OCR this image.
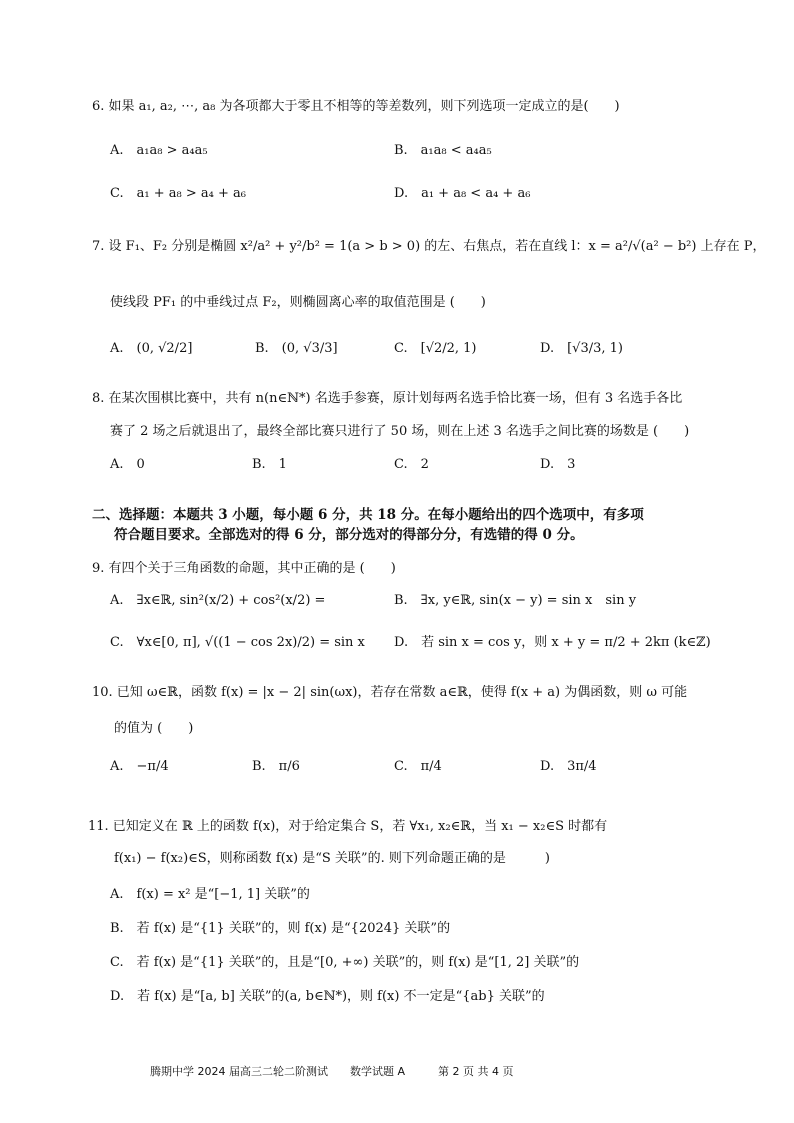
6. 如果 a₁, a₂, ⋯, a₈ 为各项都大于零且不相等的等差数列，则下列选项一定成立的是(　　)
A.　a₁a₈ > a₄a₅	B.　a₁a₈ < a₄a₅
C.　a₁ + a₈ > a₄ + a₆	D.　a₁ + a₈ < a₄ + a₆
7. 设 F₁、F₂ 分别是椭圆 x²/a² + y²/b² = 1(a > b > 0) 的左、右焦点，若在直线 l：x = a²/√(a² − b²) 上存在 P，
使线段 PF₁ 的中垂线过点 F₂，则椭圆离心率的取值范围是 (　　)
A.　(0, √2/2]	B.　(0, √3/3]	C.　[√2/2, 1)	D.　[√3/3, 1)
8. 在某次围棋比赛中，共有 n(n∈ℕ*) 名选手参赛，原计划每两名选手恰比赛一场，但有 3 名选手各比
赛了 2 场之后就退出了，最终全部比赛只进行了 50 场，则在上述 3 名选手之间比赛的场数是 (　　)
A.　0	B.　1	C.　2	D.　3
二、选择题：本题共 3 小题，每小题 6 分，共 18 分。在每小题给出的四个选项中，有多项
符合题目要求。全部选对的得 6 分，部分选对的得部分分，有选错的得 0 分。
9. 有四个关于三角函数的命题，其中正确的是 (　　)
A.　∃x∈ℝ, sin²(x/2) + cos²(x/2) =	B.　∃x, y∈ℝ, sin(x − y) = sin x　sin y
C.　∀x∈[0, π], √((1 − cos 2x)/2) = sin x D.　若 sin x = cos y，则 x + y = π/2 + 2kπ (k∈ℤ)
10. 已知 ω∈ℝ，函数 f(x) = |x − 2| sin(ωx)，若存在常数 a∈ℝ，使得 f(x + a) 为偶函数，则 ω 可能
的值为 (　　)
A.　−π/4	B.　π/6	C.　π/4	D.　3π/4
11. 已知定义在 ℝ 上的函数 f(x)，对于给定集合 S，若 ∀x₁, x₂∈ℝ，当 x₁ − x₂∈S 时都有
f(x₁) − f(x₂)∈S，则称函数 f(x) 是“S 关联”的. 则下列命题正确的是　　　)
A.　f(x) = x² 是“[−1, 1] 关联”的
B.　若 f(x) 是“{1} 关联”的，则 f(x) 是“{2024} 关联”的
C.　若 f(x) 是“{1} 关联”的，且是“[0, +∞) 关联”的，则 f(x) 是“[1, 2] 关联”的
D.　若 f(x) 是“[a, b] 关联”的(a, b∈ℕ*)，则 f(x) 不一定是“{ab} 关联”的
腾期中学 2024 届高三二轮二阶测试　　数学试题 A　　　第 2 页 共 4 页
